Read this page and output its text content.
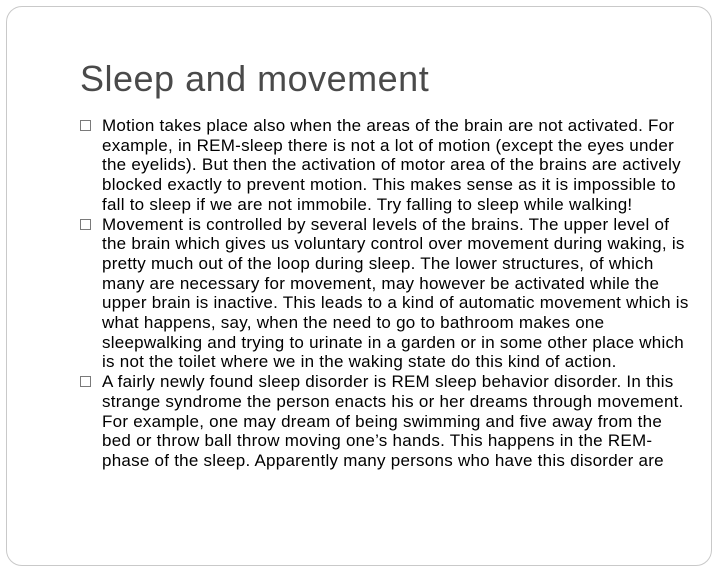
Sleep and movement
Motion takes place also when the areas of the brain are not activated. For example, in REM-sleep there is not a lot of motion (except the eyes under the eyelids). But then the activation of motor area of the brains are actively blocked exactly to prevent motion. This makes sense as it is impossible to fall to sleep if we are not immobile. Try falling to sleep while walking!
Movement is controlled by several levels of the brains. The upper level of the brain which gives us voluntary control over movement during waking, is pretty much out of the loop during sleep. The lower structures, of which many are necessary for movement, may however be activated while the upper brain is inactive. This leads to a kind of automatic movement which is what happens, say, when the need to go to bathroom makes one sleepwalking and trying to urinate in a garden or in some other place which is not the toilet where we in the waking state do this kind of action.
A fairly newly found sleep disorder is REM sleep behavior disorder. In this strange syndrome the person enacts his or her dreams through movement. For example, one may dream of being swimming and five away from the bed or throw ball throw moving one’s hands. This happens in the REM-phase of the sleep. Apparently many persons who have this disorder are
